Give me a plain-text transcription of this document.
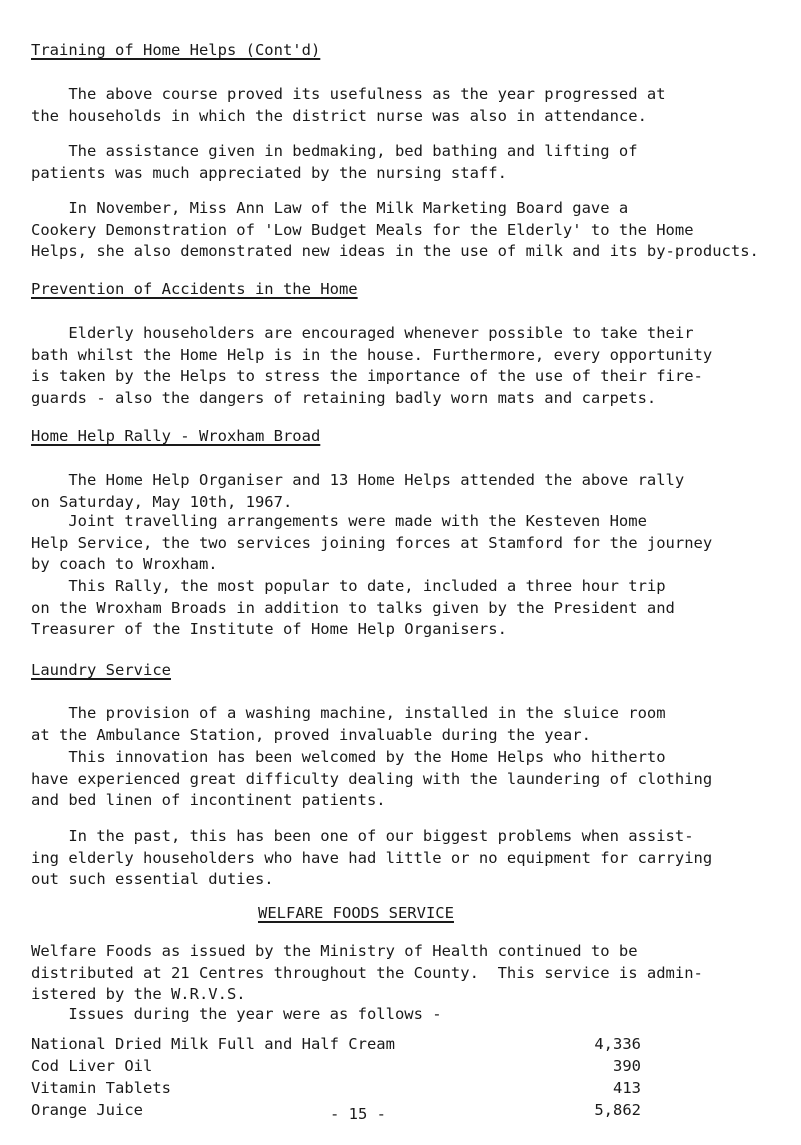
Training of Home Helps (Cont'd)
The above course proved its usefulness as the year progressed at
the households in which the district nurse was also in attendance.
The assistance given in bedmaking, bed bathing and lifting of
patients was much appreciated by the nursing staff.
In November, Miss Ann Law of the Milk Marketing Board gave a
Cookery Demonstration of 'Low Budget Meals for the Elderly' to the Home
Helps, she also demonstrated new ideas in the use of milk and its by-products.
Prevention of Accidents in the Home
Elderly householders are encouraged whenever possible to take their
bath whilst the Home Help is in the house. Furthermore, every opportunity
is taken by the Helps to stress the importance of the use of their fire-
guards - also the dangers of retaining badly worn mats and carpets.
Home Help Rally - Wroxham Broad
The Home Help Organiser and 13 Home Helps attended the above rally
on Saturday, May 10th, 1967.
Joint travelling arrangements were made with the Kesteven Home
Help Service, the two services joining forces at Stamford for the journey
by coach to Wroxham.
This Rally, the most popular to date, included a three hour trip
on the Wroxham Broads in addition to talks given by the President and
Treasurer of the Institute of Home Help Organisers.
Laundry Service
The provision of a washing machine, installed in the sluice room
at the Ambulance Station, proved invaluable during the year.
This innovation has been welcomed by the Home Helps who hitherto
have experienced great difficulty dealing with the laundering of clothing
and bed linen of incontinent patients.
In the past, this has been one of our biggest problems when assist-
ing elderly householders who have had little or no equipment for carrying
out such essential duties.
WELFARE FOODS SERVICE
Welfare Foods as issued by the Ministry of Health continued to be
distributed at 21 Centres throughout the County.  This service is admin-
istered by the W.R.V.S.
Issues during the year were as follows -
National Dried Milk Full and Half Cream	4,336
Cod Liver Oil	390
Vitamin Tablets	413
Orange Juice	5,862
- 15 -
